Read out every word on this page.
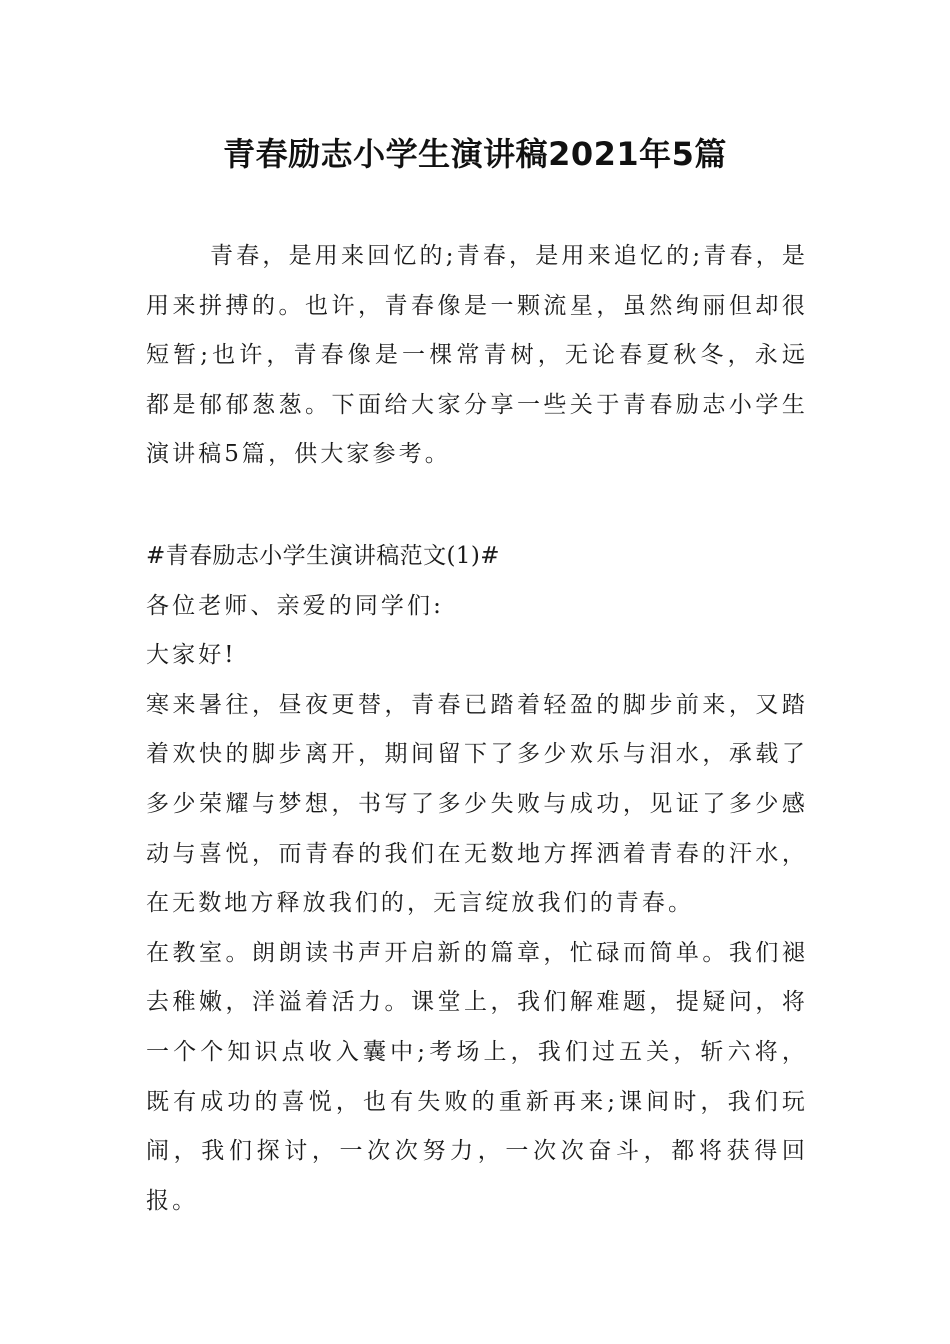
青春励志小学生演讲稿2021年5篇

青春，是用来回忆的;青春，是用来追忆的;青春，是用来拼搏的。也许，青春像是一颗流星，虽然绚丽但却很短暂;也许，青春像是一棵常青树，无论春夏秋冬，永远都是郁郁葱葱。下面给大家分享一些关于青春励志小学生演讲稿5篇，供大家参考。

#青春励志小学生演讲稿范文(1)#

各位老师、亲爱的同学们:

大家好!

寒来暑往，昼夜更替，青春已踏着轻盈的脚步前来，又踏着欢快的脚步离开，期间留下了多少欢乐与泪水，承载了多少荣耀与梦想，书写了多少失败与成功，见证了多少感动与喜悦，而青春的我们在无数地方挥洒着青春的汗水，在无数地方释放我们的，无言绽放我们的青春。

在教室。朗朗读书声开启新的篇章，忙碌而简单。我们褪去稚嫩，洋溢着活力。课堂上，我们解难题，提疑问，将一个个知识点收入囊中;考场上，我们过五关，斩六将，既有成功的喜悦，也有失败的重新再来;课间时，我们玩闹，我们探讨，一次次努力，一次次奋斗，都将获得回报。
